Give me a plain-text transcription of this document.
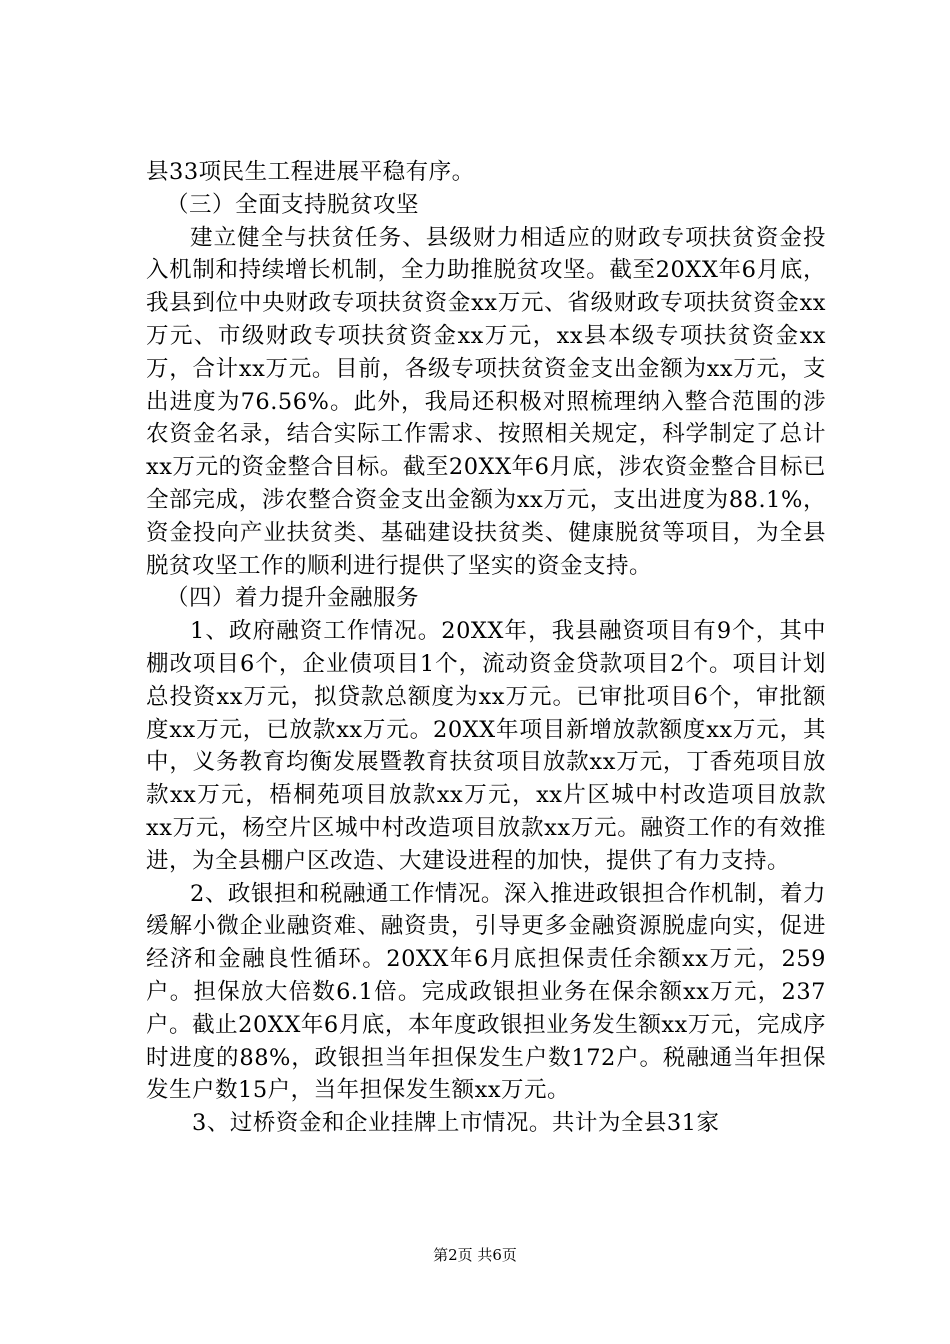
县33项民生工程进展平稳有序。

（三）全面支持脱贫攻坚

建立健全与扶贫任务、县级财力相适应的财政专项扶贫资金投入机制和持续增长机制，全力助推脱贫攻坚。截至20XX年6月底，我县到位中央财政专项扶贫资金xx万元、省级财政专项扶贫资金xx万元、市级财政专项扶贫资金xx万元，xx县本级专项扶贫资金xx万，合计xx万元。目前，各级专项扶贫资金支出金额为xx万元，支出进度为76.56%。此外，我局还积极对照梳理纳入整合范围的涉农资金名录，结合实际工作需求、按照相关规定，科学制定了总计xx万元的资金整合目标。截至20XX年6月底，涉农资金整合目标已全部完成，涉农整合资金支出金额为xx万元，支出进度为88.1%，资金投向产业扶贫类、基础建设扶贫类、健康脱贫等项目，为全县脱贫攻坚工作的顺利进行提供了坚实的资金支持。

（四）着力提升金融服务

1、政府融资工作情况。20XX年，我县融资项目有9个，其中棚改项目6个，企业债项目1个，流动资金贷款项目2个。项目计划总投资xx万元，拟贷款总额度为xx万元。已审批项目6个，审批额度xx万元，已放款xx万元。20XX年项目新增放款额度xx万元，其中，义务教育均衡发展暨教育扶贫项目放款xx万元，丁香苑项目放款xx万元，梧桐苑项目放款xx万元，xx片区城中村改造项目放款xx万元，杨空片区城中村改造项目放款xx万元。融资工作的有效推进，为全县棚户区改造、大建设进程的加快，提供了有力支持。

2、政银担和税融通工作情况。深入推进政银担合作机制，着力缓解小微企业融资难、融资贵，引导更多金融资源脱虚向实，促进经济和金融良性循环。20XX年6月底担保责任余额xx万元，259户。担保放大倍数6.1倍。完成政银担业务在保余额xx万元，237户。截止20XX年6月底，本年度政银担业务发生额xx万元，完成序时进度的88%，政银担当年担保发生户数172户。税融通当年担保发生户数15户，当年担保发生额xx万元。

3、过桥资金和企业挂牌上市情况。共计为全县31家

第2页 共6页
